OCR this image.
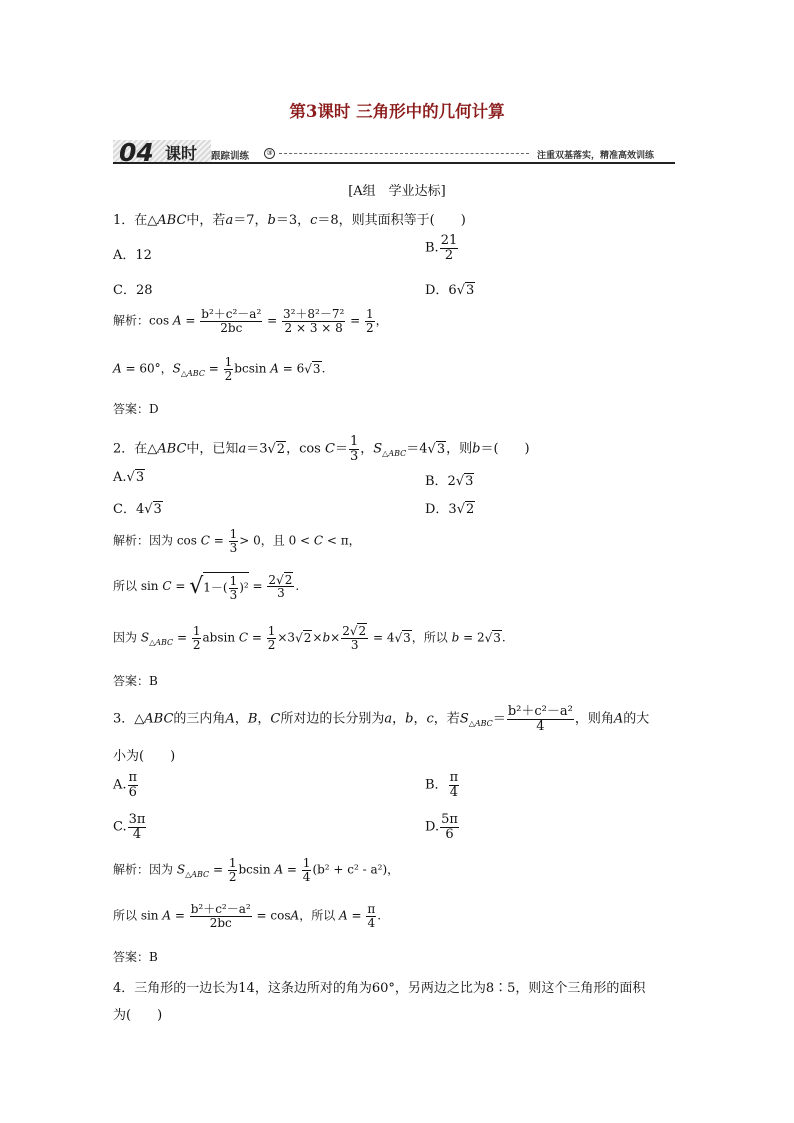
第3课时 三角形中的几何计算
04 课时 跟踪训练	③	注重双基落实，精准高效训练
[A组　学业达标]
1．在△ABC中，若a＝7，b＝3，c＝8，则其面积等于(　　)
A．12	B. $\frac{21}{2}$
C．28	D．6√3
解析：$\cos A = \frac{\text{b²＋c²－a²}}{2bc} = \frac{\text{3²＋8²－7²}}{2 \times 3 \times 8} = \frac{1}{2}$ ，
A = 60°，$S_{\triangle ABC} = \frac{1}{2}$ bcsin A = 6√3.
答案：D
2．在△ABC中，已知a＝3√2，$\cos C= \frac{1}{3}$ ，$S_{\triangle ABC}=4√3$，则b＝(　　)
A.√3	B．2√3
C．4√3	D．3√2
解析：因为 $\cos C = \frac{1}{3} > 0$，且 0 < C < π，
所以 $\sin C = √1-( \frac{1}{3} )^2 = \frac{2√2}{3}$ .
因为 $S_{\triangle ABC} = \frac{1}{2}$ absin $C = \frac{1}{2} \times 3√2\times b\times \frac{2√2}{3} = 4√3$，所以 b = 2√3.
答案：B
3．△ABC的三内角A，B，C所对边的长分别为a，b，c，若$S_{\triangle ABC}= \frac{\text{b²＋c²－a²}}{4}$ ，则角A的大
小为(　　)
A. $\frac{\pi}{6}$	B． $\frac{\pi}{4}$
C. $\frac{3\pi}{4}$	D. $\frac{5\pi}{6}$
解析：因为 $S_{\triangle ABC} = \frac{1}{2}$ bcsin $A = \frac{1}{4} (b^2 + c^2 - a^2)$，
所以 $\sin A = \frac{\text{b²＋c²－a²}}{2bc} = \cos A$，所以 $A = \frac{\pi}{4}$ .
答案：B
4．三角形的一边长为14，这条边所对的角为60°，另两边之比为8∶5，则这个三角形的面积
为(　　)
